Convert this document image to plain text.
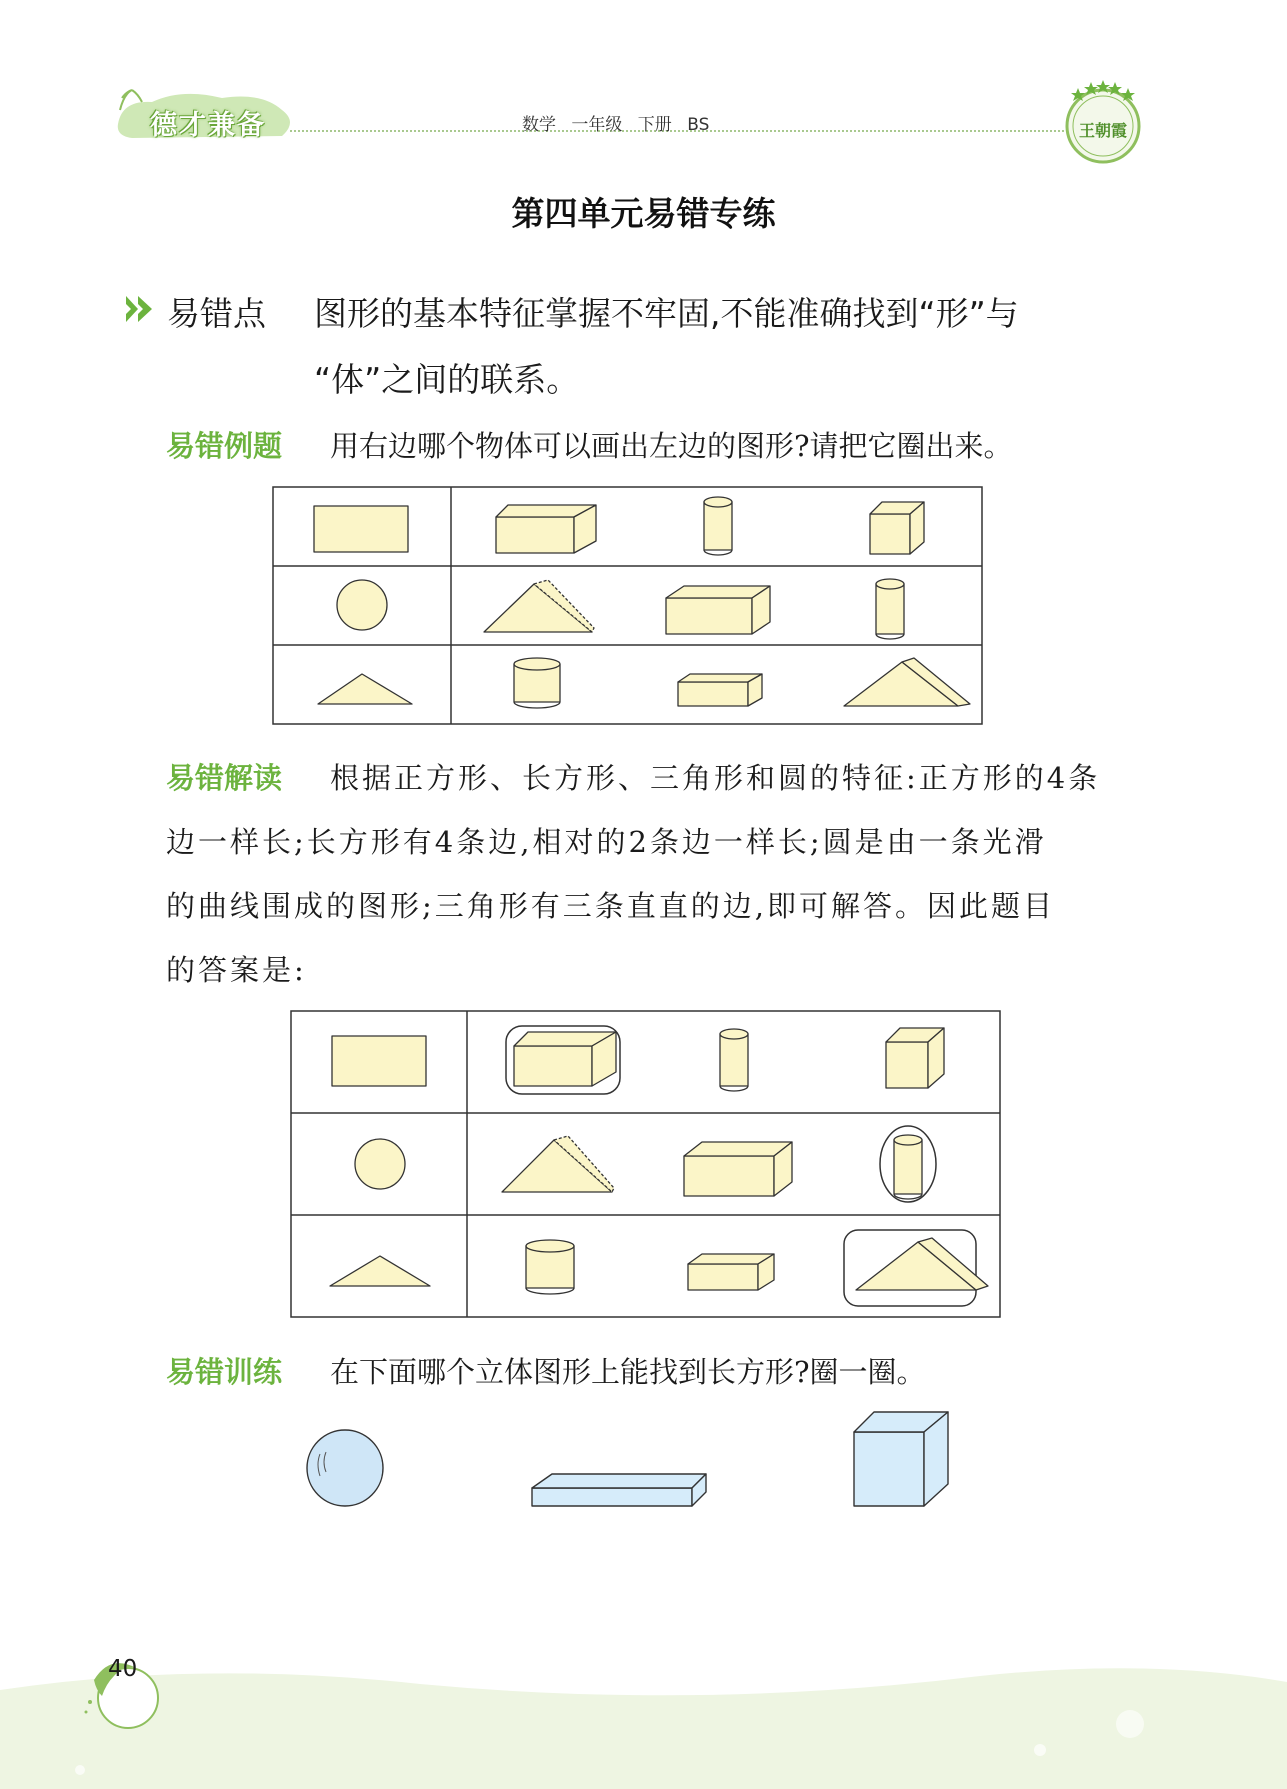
德才兼备	数学 一年级 下册 BS	王朝霞
第四单元易错专练
易错点 图形的基本特征掌握不牢固,不能准确找到“形”与
“体”之间的联系。
易错例题 用右边哪个物体可以画出左边的图形?请把它圈出来。
易错解读 根据正方形、长方形、三角形和圆的特征:正方形的4条
边一样长;长方形有4条边,相对的2条边一样长;圆是由一条光滑
的曲线围成的图形;三角形有三条直直的边,即可解答。因此题目
的答案是:
易错训练 在下面哪个立体图形上能找到长方形?圈一圈。
40
